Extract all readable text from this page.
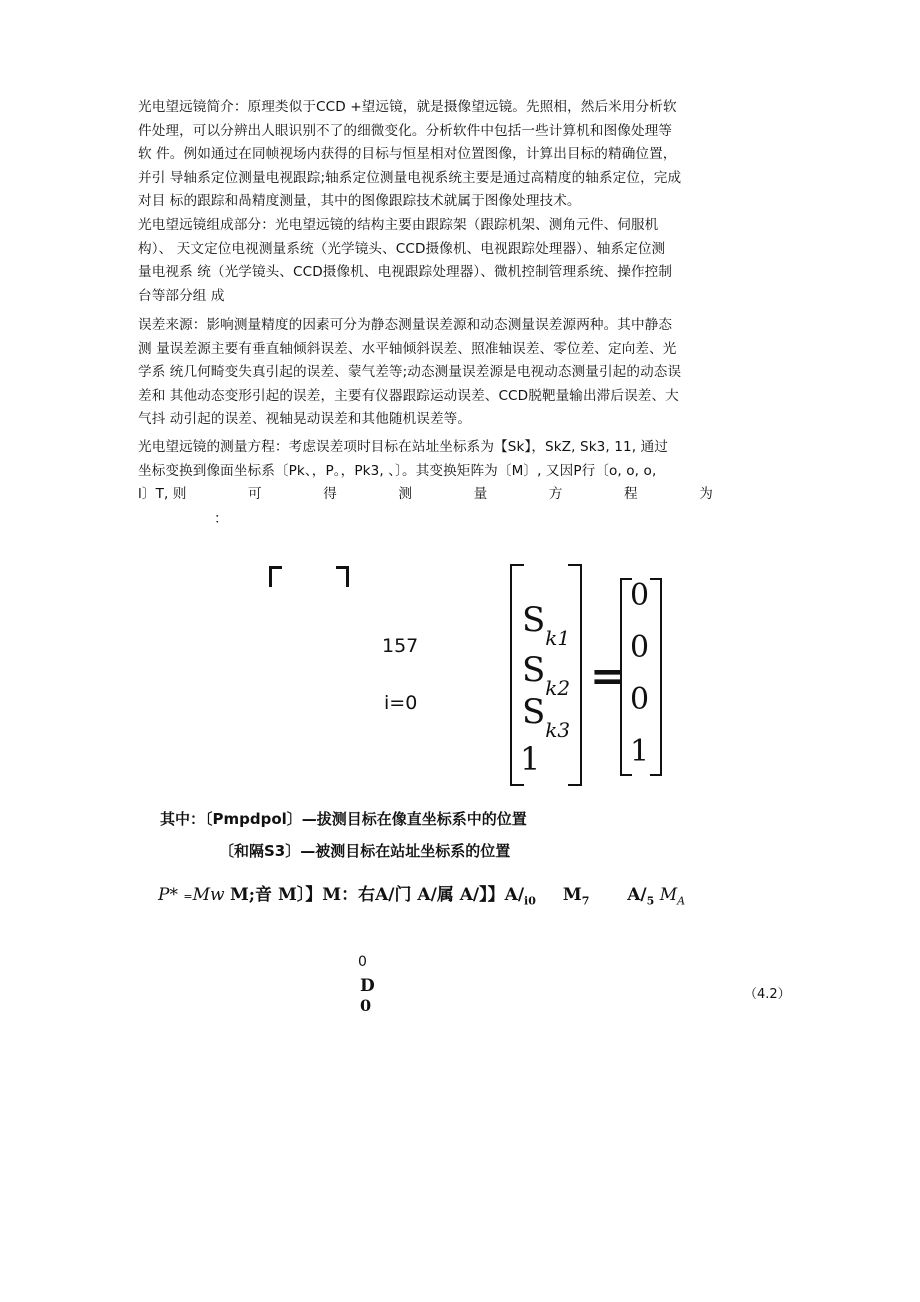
光电望远镜简介：原理类似于CCD +望远镜，就是摄像望远镜。先照相，然后米用分析软
件处理，可以分辨出人眼识别不了的细微变化。分析软件中包括一些计算机和图像处理等
软 件。例如通过在同帧视场内获得的目标与恒星相对位置图像，计算出目标的精确位置，
并引 导轴系定位测量电视跟踪;轴系定位测量电视系统主要是通过高精度的轴系定位，完成
对目 标的跟踪和咼精度测量，其中的图像跟踪技术就属于图像处理技术。
光电望远镜组成部分：光电望远镜的结构主要由跟踪架（跟踪机架、测角元件、伺服机
构）、 天文定位电视测量系统（光学镜头、CCD摄像机、电视跟踪处理器）、轴系定位测
量电视系 统（光学镜头、CCD摄像机、电视跟踪处理器）、微机控制管理系统、操作控制
台等部分组 成
误差来源：影响测量精度的因素可分为静态测量误差源和动态测量误差源两种。其中静态
测 量误差源主要有垂直轴倾斜误差、水平轴倾斜误差、照准轴误差、零位差、定向差、光
学系 统几何畸变失真引起的误差、蒙气差等;动态测量误差源是电视动态测量引起的动态误
差和 其他动态变形引起的误差，主要有仪器跟踪运动误差、CCD脱靶量输出滞后误差、大
气抖 动引起的误差、视轴晃动误差和其他随机误差等。
光电望远镜的测量方程：考虑误差项时目标在站址坐标系为【Sk】，SkZ, Sk3, 11, 通过
坐标变换到像面坐标系〔Pk、，P。，Pk3, 、〕。其变换矩阵为〔M〕, 又因P行〔o, o, o,
l〕T, 则	可	得	测	量	方	程	为
：
157
i=0
$S_{k1}$
$S_{k2}$
$S_{k3}$
1
=
0
0
0
1
其中：〔Pmpdpol〕—拔测目标在像直坐标系中的位置
〔和隔S3〕—被测目标在站址坐标系的位置
P* =Mw M;音 M〕】M：右A/门 A/属 A/】】$A/_{i0}$ $M_7$ $A/_5$ $M_A$
0
D
0
（4.2）
